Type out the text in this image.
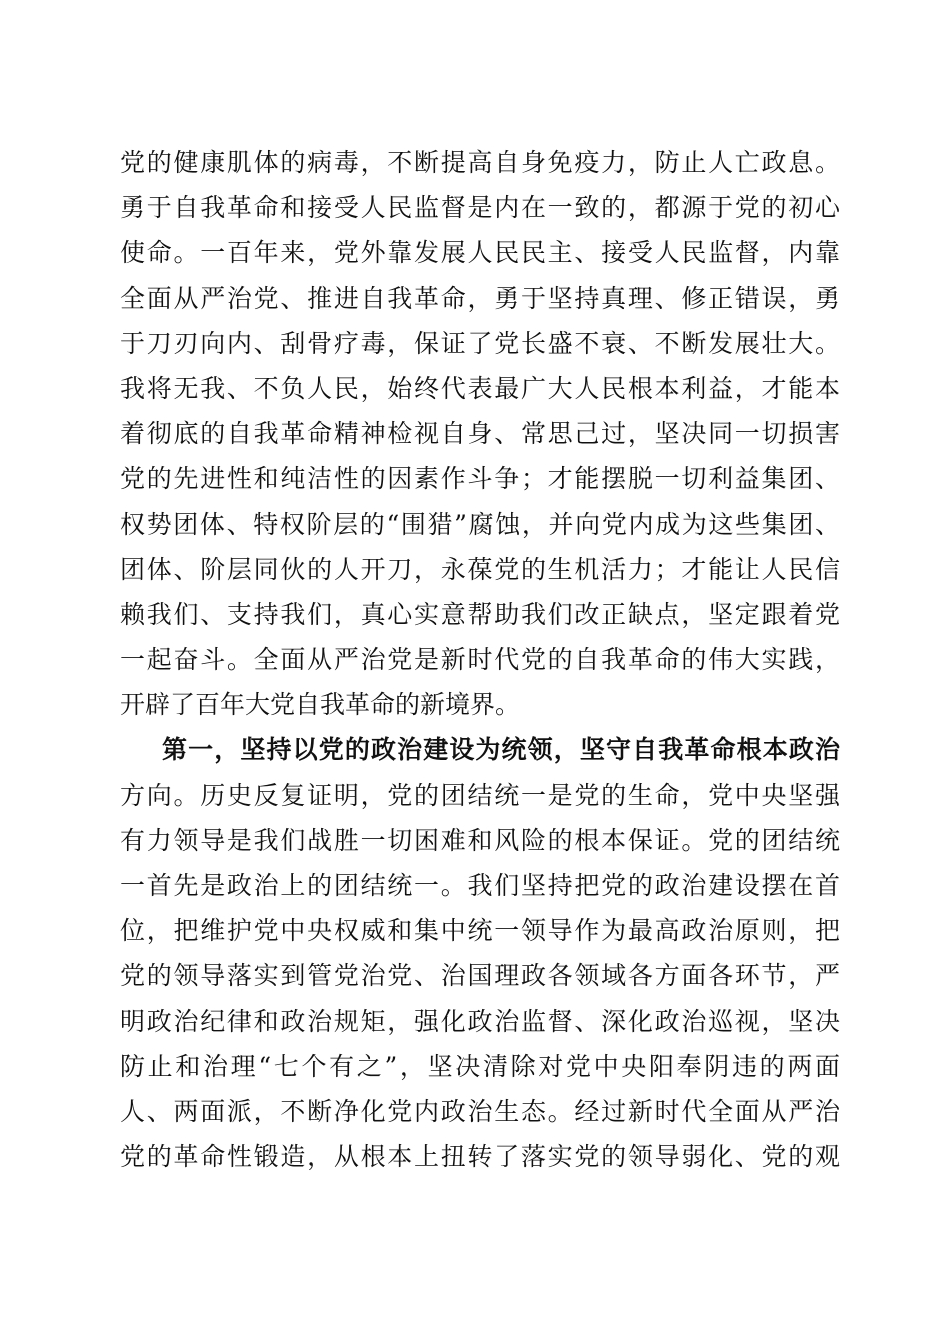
党的健康肌体的病毒，不断提高自身免疫力，防止人亡政息。
勇于自我革命和接受人民监督是内在一致的，都源于党的初心
使命。一百年来，党外靠发展人民民主、接受人民监督，内靠
全面从严治党、推进自我革命，勇于坚持真理、修正错误，勇
于刀刃向内、刮骨疗毒，保证了党长盛不衰、不断发展壮大。
我将无我、不负人民，始终代表最广大人民根本利益，才能本
着彻底的自我革命精神检视自身、常思己过，坚决同一切损害
党的先进性和纯洁性的因素作斗争；才能摆脱一切利益集团、
权势团体、特权阶层的“围猎”腐蚀，并向党内成为这些集团、
团体、阶层同伙的人开刀，永葆党的生机活力；才能让人民信
赖我们、支持我们，真心实意帮助我们改正缺点，坚定跟着党
一起奋斗。全面从严治党是新时代党的自我革命的伟大实践，
开辟了百年大党自我革命的新境界。
第一，坚持以党的政治建设为统领，坚守自我革命根本政治
方向。历史反复证明，党的团结统一是党的生命，党中央坚强
有力领导是我们战胜一切困难和风险的根本保证。党的团结统
一首先是政治上的团结统一。我们坚持把党的政治建设摆在首
位，把维护党中央权威和集中统一领导作为最高政治原则，把
党的领导落实到管党治党、治国理政各领域各方面各环节，严
明政治纪律和政治规矩，强化政治监督、深化政治巡视，坚决
防止和治理“七个有之”，坚决清除对党中央阳奉阴违的两面
人、两面派，不断净化党内政治生态。经过新时代全面从严治
党的革命性锻造，从根本上扭转了落实党的领导弱化、党的观
